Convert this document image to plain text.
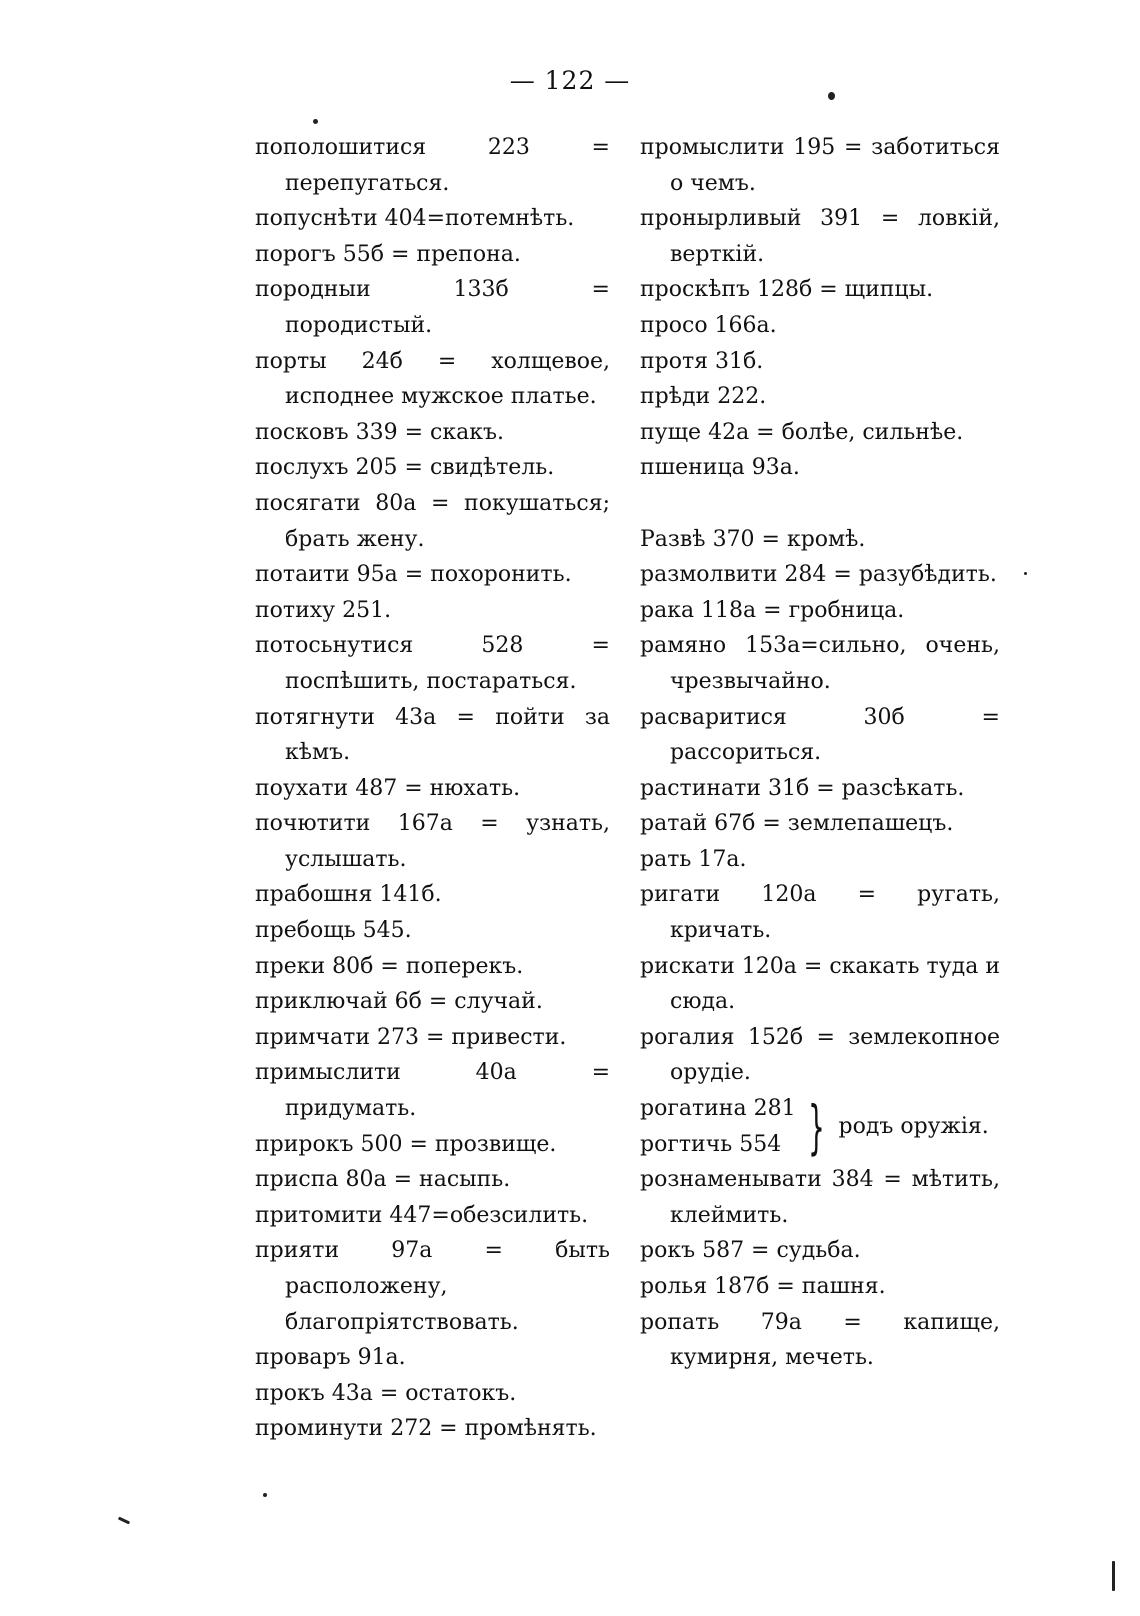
— 122 —

пополошитися 223 = перепугаться.

попуснѣти 404=потемнѣть.

порогъ 55б = препона.

породныи 133б = породистый.

порты 24б = холщевое, исподнее мужское платье.

посковъ 339 = скакъ.

послухъ 205 = свидѣтель.

посягати 80а = покушаться; брать жену.

потаити 95а = похоронить.

потиху 251.

потосьнутися 528 = поспѣшить, постараться.

потягнути 43а = пойти за кѣмъ.

поухати 487 = нюхать.

почютити 167а = узнать, услышать.

прабошня 141б.

пребощь 545.

преки 80б = поперекъ.

приключай 6б = случай.

примчати 273 = привести.

примыслити 40а = придумать.

прирокъ 500 = прозвище.

приспа 80а = насыпь.

притомити 447=обезсилить.

прияти 97а = быть расположену, благопріятствовать.

проваръ 91а.

прокъ 43а = остатокъ.

проминути 272 = промѣнять.

промыслити 195 = заботиться о чемъ.

пронырливый 391 = ловкій, верткій.

проскѣпъ 128б = щипцы.

просо 166а.

протя 31б.

прѣди 222.

пуще 42а = болѣе, сильнѣе.

пшеница 93а.

Развѣ 370 = кромѣ.

размолвити 284 = разубѣдить.

рака 118а = гробница.

рамяно 153а=сильно, очень, чрезвычайно.

расваритися 30б = рассориться.

растинати 31б = разсѣкать.

ратай 67б = землепашецъ.

рать 17а.

ригати 120а = ругать, кричать.

рискати 120а = скакать туда и сюда.

рогалия 152б = землекопное орудіе.

рогатина 281
рогтичь 554 } родъ оружія.

рознаменывати 384 = мѣтить, клеймить.

рокъ 587 = судьба.

ролья 187б = пашня.

ропать 79а = капище, кумирня, мечеть.
